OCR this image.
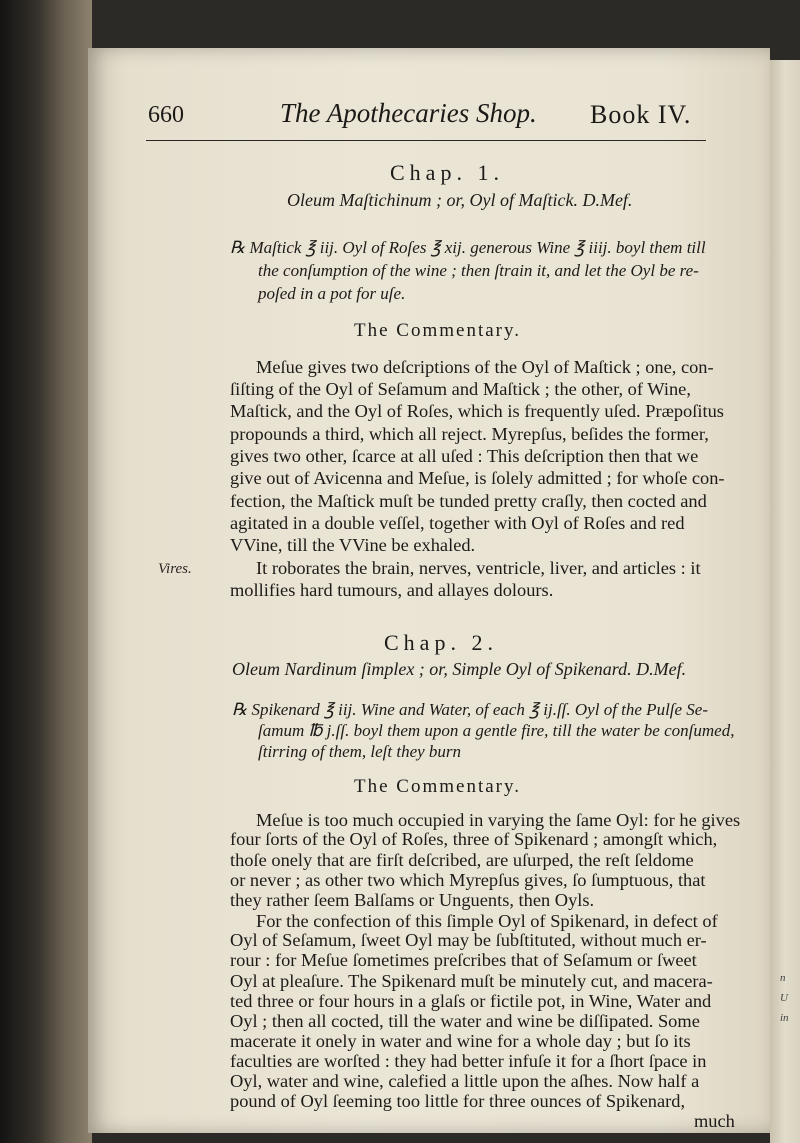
n
U
in
660	The Apothecaries Shop. Book IV.
Chap. 1.
Oleum Maſtichinum ; or, Oyl of Maſtick. D.Mef.
℞ Maſtick ℥ iij. Oyl of Roſes ℥ xij. generous Wine ℥ iiij. boyl them till
the conſumption of the wine ; then ſtrain it, and let the Oyl be re-
poſed in a pot for uſe.
The Commentary.
Meſue gives two deſcriptions of the Oyl of Maſtick ; one, con-
ſiſting of the Oyl of Seſamum and Maſtick ; the other, of Wine,
Maſtick, and the Oyl of Roſes, which is frequently uſed. Præpoſitus
propounds a third, which all reject. Myrepſus, beſides the former,
gives two other, ſcarce at all uſed : This deſcription then that we
give out of Avicenna and Meſue, is ſolely admitted ; for whoſe con-
fection, the Maſtick muſt be tunded pretty craſly, then cocted and
agitated in a double veſſel, together with Oyl of Roſes and red
VVine, till the VVine be exhaled.
Vires.	It roborates the brain, nerves, ventricle, liver, and articles : it
mollifies hard tumours, and allayes dolours.
Chap. 2.
Oleum Nardinum ſimplex ; or, Simple Oyl of Spikenard. D.Mef.
℞ Spikenard ℥ iij. Wine and Water, of each ℥ ij.ſſ. Oyl of the Pulſe Se-
ſamum ℔ j.ſſ. boyl them upon a gentle fire, till the water be conſumed,
ſtirring of them, leſt they burn
The Commentary.
Meſue is too much occupied in varying the ſame Oyl: for he gives
four ſorts of the Oyl of Roſes, three of Spikenard ; amongſt which,
thoſe onely that are firſt deſcribed, are uſurped, the reſt ſeldome
or never ; as other two which Myrepſus gives, ſo ſumptuous, that
they rather ſeem Balſams or Unguents, then Oyls.
For the confection of this ſimple Oyl of Spikenard, in defect of
Oyl of Seſamum, ſweet Oyl may be ſubſtituted, without much er-
rour : for Meſue ſometimes preſcribes that of Seſamum or ſweet
Oyl at pleaſure. The Spikenard muſt be minutely cut, and macera-
ted three or four hours in a glaſs or fictile pot, in Wine, Water and
Oyl ; then all cocted, till the water and wine be diſſipated. Some
macerate it onely in water and wine for a whole day ; but ſo its
faculties are worſted : they had better infuſe it for a ſhort ſpace in
Oyl, water and wine, calefied a little upon the aſhes. Now half a
pound of Oyl ſeeming too little for three ounces of Spikenard,
much
